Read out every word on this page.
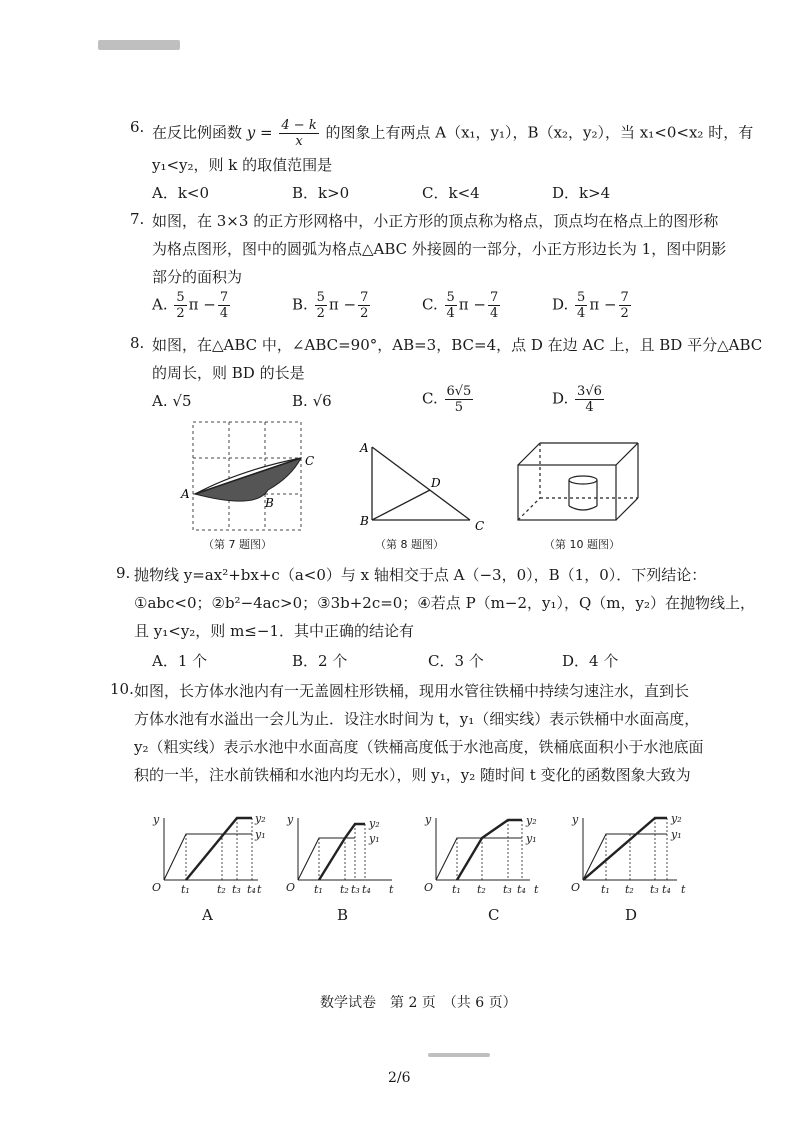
6. 在反比例函数 $y = \frac{4 - k}{x}$ 的图象上有两点 A（x₁，y₁），B（x₂，y₂），当 x₁<0<x₂ 时，有
y₁<y₂，则 k 的取值范围是
A．k<0	B．k>0	C．k<4	D．k>4
7. 如图，在 3×3 的正方形网格中，小正方形的顶点称为格点，顶点均在格点上的图形称
为格点图形，图中的圆弧为格点△ABC 外接圆的一部分，小正方形边长为 1，图中阴影
部分的面积为
A. $\frac{5}{2}$ $\pi - \frac{7}{4}$	B. $\frac{5}{2}$ $\pi - \frac{7}{2}$	C. $\frac{5}{4}$ $\pi - \frac{7}{4}$	D. $\frac{5}{4}$ $\pi - \frac{7}{2}$
8. 如图，在△ABC 中，∠ABC=90°，AB=3，BC=4，点 D 在边 AC 上，且 BD 平分△ABC
的周长，则 BD 的长是
A. √5	B. √6	C. $\frac{6√5}{5}$	D. $\frac{3√6}{4}$
A
B
C
A
B	C
D
y
t
O
y₁
y₂
t₁ t₂ t₃ t₄
y
t
O
y₁
y₂
t₁ t₂ t₃ t₄
y
t
O
y₁
y₂
t₁ t₂ t₃ t₄
y
t
O
y₁
y₂
t₁ t₂ t₃ t₄
（第 7 题图）	（第 8 题图）	（第 10 题图）
9. 抛物线 y=ax²+bx+c（a<0）与 x 轴相交于点 A（−3，0），B（1，0）．下列结论：
①abc<0；②b²−4ac>0；③3b+2c=0；④若点 P（m−2，y₁），Q（m，y₂）在抛物线上，
且 y₁<y₂，则 m≤−1．其中正确的结论有
A．1 个	B．2 个	C．3 个	D．4 个
10. 如图，长方体水池内有一无盖圆柱形铁桶，现用水管往铁桶中持续匀速注水，直到长
方体水池有水溢出一会儿为止．设注水时间为 t，y₁（细实线）表示铁桶中水面高度，
y₂（粗实线）表示水池中水面高度（铁桶高度低于水池高度，铁桶底面积小于水池底面
积的一半，注水前铁桶和水池内均无水），则 y₁，y₂ 随时间 t 变化的函数图象大致为
A	B	C	D
数学试卷　第 2 页　（共 6 页）
2/6
